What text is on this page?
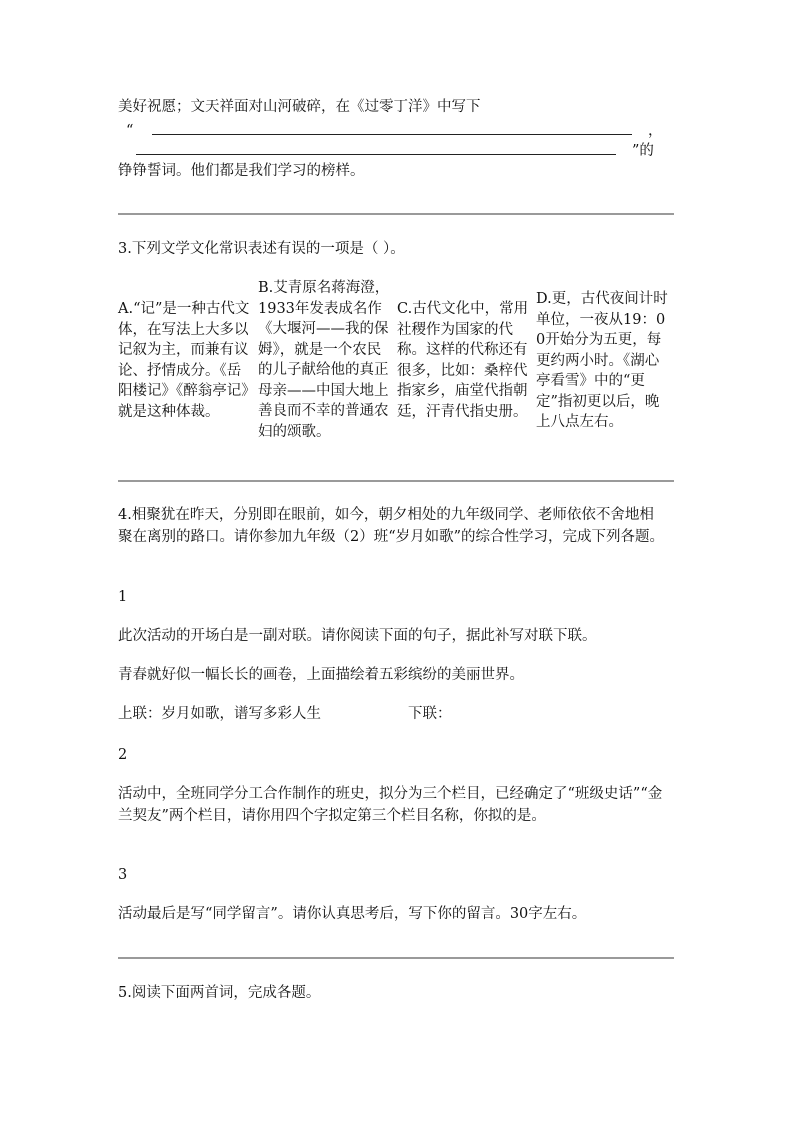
美好祝愿；文天祥面对山河破碎，在《过零丁洋》中写下
“	，
”的
铮铮誓词。他们都是我们学习的榜样。
3.下列文学文化常识表述有误的一项是（ ）。
A.“记”是一种古代文体，在写法上大多以记叙为主，而兼有议论、抒情成分。《岳阳楼记》《醉翁亭记》就是这种体裁。
B.艾青原名蒋海澄，1933年发表成名作《大堰河——我的保姆》，就是一个农民的儿子献给他的真正母亲——中国大地上善良而不幸的普通农妇的颂歌。
C.古代文化中，常用社稷作为国家的代称。这样的代称还有很多，比如：桑梓代指家乡，庙堂代指朝廷，汗青代指史册。
D.更，古代夜间计时单位，一夜从19：00开始分为五更，每更约两小时。《湖心亭看雪》中的“更定”指初更以后，晚上八点左右。
4.相聚犹在昨天，分别即在眼前，如今，朝夕相处的九年级同学、老师依依不舍地相聚在离别的路口。请你参加九年级（2）班“岁月如歌”的综合性学习，完成下列各题。
1
此次活动的开场白是一副对联。请你阅读下面的句子，据此补写对联下联。
青春就好似一幅长长的画卷，上面描绘着五彩缤纷的美丽世界。
上联：岁月如歌，谱写多彩人生	下联：
2
活动中，全班同学分工合作制作的班史，拟分为三个栏目，已经确定了“班级史话”“金兰契友”两个栏目，请你用四个字拟定第三个栏目名称，你拟的是。
3
活动最后是写“同学留言”。请你认真思考后，写下你的留言。30字左右。
5.阅读下面两首词，完成各题。
